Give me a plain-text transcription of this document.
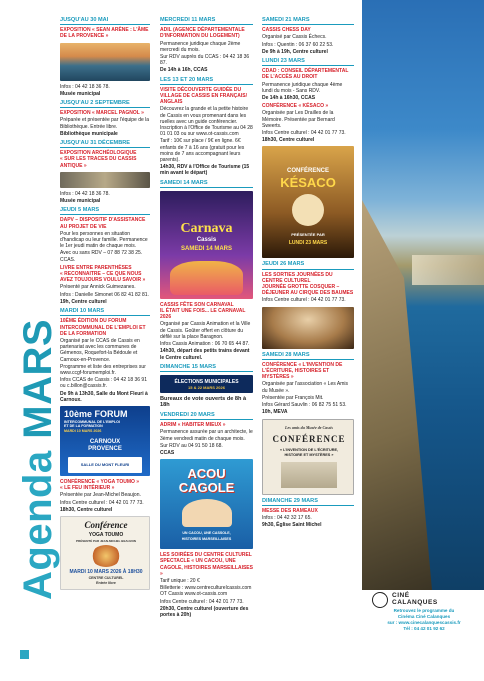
Agenda MARS
JUSQU'AU 30 MAI
EXPOSITION « SEAN ARÈNE : L'ÂME DE LA PROVENCE »
Infos : 04 42 18 36 78.
Musée municipal
JUSQU'AU 2 SEPTEMBRE
EXPOSITION « MARCEL PAGNOL »
Préparée et présentée par l'équipe de la Bibliothèque. Entrée libre.
Bibliothèque municipale
JUSQU'AU 31 DÉCEMBRE
EXPOSITION ARCHÉOLOGIQUE
« SUR LES TRACES DU CASSIS ANTIQUE »
Infos : 04 42 18 36 78.
Musée municipal
JEUDI 5 MARS
DAPV – DISPOSITIF D'ASSISTANCE AU PROJET DE VIE
Pour les personnes en situation d'handicap ou leur famille. Permanence le 1er jeudi matin de chaque mois.
Avec ou sans RDV – 07 88 72 38 25. CCAS.
LIVRE ENTRE PARENTHÈSES
« RECONNAITRE – CE QUE NOUS AVEZ TOUJOURS VOULU SAVOIR »
Présenté par Annick Guimezanes.
Infos : Danielle Simonet 06 82 41 82 81.
19h, Centre culturel
MARDI 10 MARS
10ÈME ÉDITION DU FORUM INTERCOMMUNAL DE L'EMPLOI ET DE LA FORMATION
Organisé par le CCAS de Cassis en partenariat avec les communes de Gémenos, Roquefort-la Bédoule et Carnoux-en-Provence.
Programme et liste des entreprises sur www.ccgf-forumemploi.fr.
Infos CCAS de Cassis : 04 42 18 36 91 ou c.billon@cassis.fr.
De 9h à 13h30, Salle du Mont Fleuri à Carnoux.
10ème FORUM
INTERCOMMUNAL DE L'EMPLOI
ET DE LA FORMATION
MARDI 10 MARS 2026
CARNOUX
PROVENCE
SALLE DU MONT FLEURI
CONFÉRENCE « YOGA TOUMO »
« LE FEU INTÉRIEUR »
Présentée par Jean-Michel Beaujon.
Infos Centre culturel : 04 42 01 77 73.
18h30, Centre culturel
Conférence
YOGA TOUMO
PRÉSENTÉ PAR JEAN-MICHEL BEAUJON
MARDI 10 MARS 2026 À 18H30
CENTRE CULTUREL
Entrée libre
MERCREDI 11 MARS
ADIL (AGENCE DÉPARTEMENTALE D'INFORMATION DU LOGEMENT)
Permanence juridique chaque 2ème mercredi du mois.
Sur RDV auprès du CCAS : 04 42 18 36 87.
De 14h à 16h, CCAS
LES 13 ET 20 MARS
VISITE DÉCOUVERTE GUIDÉE DU VILLAGE DE CASSIS EN FRANÇAIS/ ANGLAIS
Découvrez la grande et la petite histoire de Cassis en vous promenant dans les ruelles avec un guide conférencier. Inscription à l'Office de Tourisme au 04 28 01 01 03 ou sur www.ot-cassis.com
Tarif : 10€ sur place / 9€ en ligne. 6€ enfants de 7 à 16 ans (gratuit pour les moins de 7 ans accompagnant leurs parents).
14h30, RDV à l'Office de Tourisme (15 min avant le départ)
SAMEDI 14 MARS
Carnava
Cassis
SAMEDI 14 MARS
CASSIS FÊTE SON CARNAVAL
IL ÉTAIT UNE FOIS... LE CARNAVAL 2026
Organisé par Cassis Animation et la Ville de Cassis. Goûter offert en clôture du défilé sur la place Baragnon.
Infos Cassis Animation : 06 70 65 44 87.
14h30, départ des petits trains devant le Centre culturel.
DIMANCHE 15 MARS
ÉLECTIONS MUNICIPALES
15 & 22 MARS 2026
Bureaux de vote ouverts de 8h à 18h
VENDREDI 20 MARS
ADRIM « HABITER MIEUX »
Permanence assurée par un architecte, le 3ème vendredi matin de chaque mois.
Sur RDV au 04 91 50 18 68.
CCAS
ACOU CAGOLE
UN CACOU, UNE CASSOLE,
HISTOIRES MARSEILLAISES
LES SOIRÉES DU CENTRE CULTUREL
SPECTACLE « UN CACOU, UNE CAGOLE, HISTOIRES MARSEILLAISES »
Tarif unique : 20 €
Billetterie : www.centreculturelcassis.com OT Cassis www.ot-cassis.com
Infos Centre culturel : 04 42 01 77 73.
20h30, Centre culturel (ouverture des portes à 20h)
SAMEDI 21 MARS
CASSIS CHESS DAY
Organisé par Cassis Échecs.
Infos : Quentin : 06 37 60 22 53.
De 9h à 19h, Centre culturel
LUNDI 23 MARS
CDAD : CONSEIL DÉPARTEMENTAL DE L'ACCÈS AU DROIT
Permanence juridique chaque 4ème lundi du mois - Sans RDV.
De 14h à 16h30, CCAS
CONFÉRENCE « KÉSACO »
Organisée par Les Drailles de la Mémoire. Présentée par Bernard Sweerts.
Infos Centre culturel : 04 42 01 77 73.
18h30, Centre culturel
CONFÉRENCE
KÉSACO
PRÉSENTÉE PAR
LUNDI 23 MARS
JEUDI 26 MARS
LES SORTIES JOURNÉES DU CENTRE CULTUREL
JOURNÉE GROTTE COSQUER – DÉJEUNER AU CIRQUE DES BAUMES
Infos Centre culturel : 04 42 01 77 73.
SAMEDI 28 MARS
CONFÉRENCE « L'INVENTION DE L'ÉCRITURE, HISTOIRES ET MYSTÈRES »
Organisée par l'association « Les Amis du Musée ».
Présentée par François Mit.
Infos Gérard Sauvlin : 06 82 75 51 53.
10h, MEVA
Les amis du Musée de Cassis
CONFÉRENCE
« L'INVENTION DE L'ÉCRITURE,
HISTOIRE ET MYSTÈRES »
DIMANCHE 29 MARS
MESSE DES RAMEAUX
Infos : 04 42 32 17 65.
9h30, Église Saint Michel
CINÉ
CALANQUES
Retrouvez le programme du
Cinéma Ciné Calanques
sur : www.cinecalanquescassis.fr
Tél : 04 42 01 92 62
